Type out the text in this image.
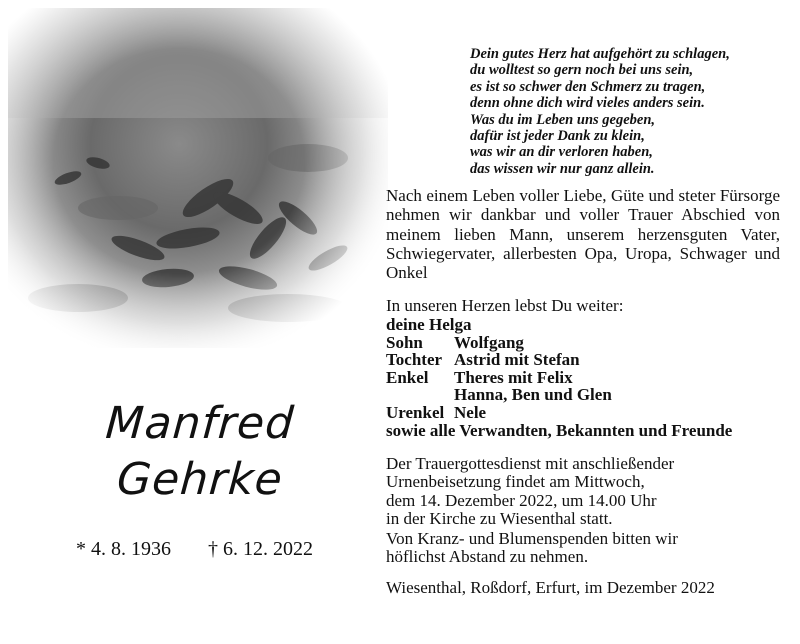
Manfred
Gehrke
* 4. 8. 1936 † 6. 12. 2022
Dein gutes Herz hat aufgehört zu schlagen,
du wolltest so gern noch bei uns sein,
es ist so schwer den Schmerz zu tragen,
denn ohne dich wird vieles anders sein.
Was du im Leben uns gegeben,
dafür ist jeder Dank zu klein,
was wir an dir verloren haben,
das wissen wir nur ganz allein.
Nach einem Leben voller Liebe, Güte und steter Fürsorge nehmen wir dankbar und voller Trauer Abschied von meinem lieben Mann, unserem herzensguten Vater, Schwiegervater, allerbesten Opa, Uropa, Schwager und Onkel
In unseren Herzen lebst Du weiter:
deine Helga
Sohn	Wolfgang
Tochter Astrid mit Stefan
Enkel	Theres mit Felix
Hanna, Ben und Glen
Urenkel Nele
sowie alle Verwandten, Bekannten und Freunde
Der Trauergottesdienst mit anschließender
Urnenbeisetzung findet am Mittwoch,
dem 14. Dezember 2022, um 14.00 Uhr
in der Kirche zu Wiesenthal statt.
Von Kranz- und Blumenspenden bitten wir
höflichst Abstand zu nehmen.
Wiesenthal, Roßdorf, Erfurt, im Dezember 2022
